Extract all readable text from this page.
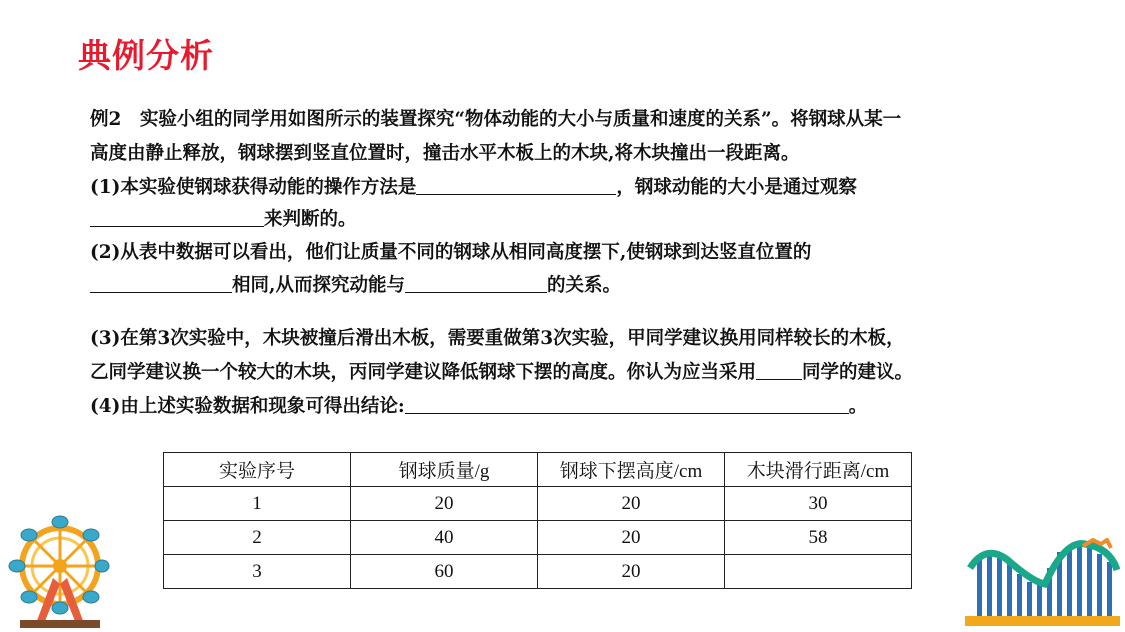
典例分析
例2　实验小组的同学用如图所示的装置探究“物体动能的大小与质量和速度的关系”。将钢球从某一
高度由静止释放，钢球摆到竖直位置时，撞击水平木板上的木块,将木块撞出一段距离。
(1)本实验使钢球获得动能的操作方法是	，钢球动能的大小是通过观察
来判断的。
(2)从表中数据可以看出，他们让质量不同的钢球从相同高度摆下,使钢球到达竖直位置的
相同,从而探究动能与	的关系。
(3)在第3次实验中，木块被撞后滑出木板，需要重做第3次实验，甲同学建议换用同样较长的木板，
乙同学建议换一个较大的木块，丙同学建议降低钢球下摆的高度。你认为应当采用 同学的建议。
(4)由上述实验数据和现象可得出结论:	。
实验序号	钢球质量/g	钢球下摆高度/cm	木块滑行距离/cm
1	20	20	30
2	40	20	58
3	60	20	
